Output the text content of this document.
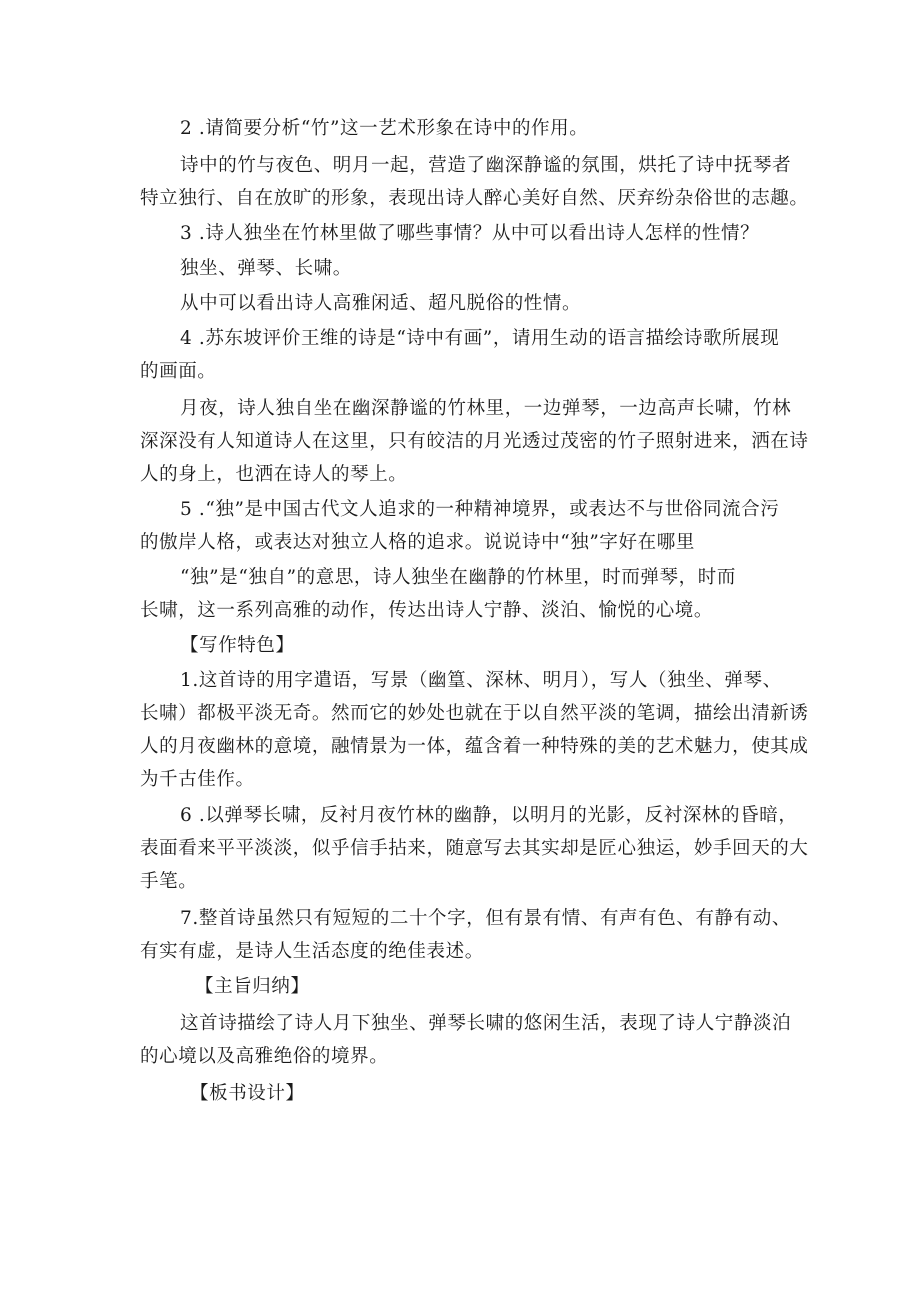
2 .请简要分析“竹”这一艺术形象在诗中的作用。
诗中的竹与夜色、明月一起，营造了幽深静谧的氛围，烘托了诗中抚琴者
特立独行、自在放旷的形象，表现出诗人醉心美好自然、厌弃纷杂俗世的志趣。
3 .诗人独坐在竹林里做了哪些事情？从中可以看出诗人怎样的性情？
独坐、弹琴、长啸。
从中可以看出诗人高雅闲适、超凡脱俗的性情。
4 .苏东坡评价王维的诗是“诗中有画”，请用生动的语言描绘诗歌所展现
的画面。
月夜，诗人独自坐在幽深静谧的竹林里，一边弹琴，一边高声长啸，竹林
深深没有人知道诗人在这里，只有皎洁的月光透过茂密的竹子照射进来，洒在诗
人的身上，也洒在诗人的琴上。
5 .“独”是中国古代文人追求的一种精神境界，或表达不与世俗同流合污
的傲岸人格，或表达对独立人格的追求。说说诗中“独”字好在哪里
“独”是“独自”的意思，诗人独坐在幽静的竹林里，时而弹琴，时而
长啸，这一系列高雅的动作，传达出诗人宁静、淡泊、愉悦的心境。
【写作特色】
1.这首诗的用字遣语，写景（幽篁、深林、明月），写人（独坐、弹琴、
长啸）都极平淡无奇。然而它的妙处也就在于以自然平淡的笔调，描绘出清新诱
人的月夜幽林的意境，融情景为一体，蕴含着一种特殊的美的艺术魅力，使其成
为千古佳作。
6 .以弹琴长啸，反衬月夜竹林的幽静，以明月的光影，反衬深林的昏暗，
表面看来平平淡淡，似乎信手拈来，随意写去其实却是匠心独运，妙手回天的大
手笔。
7.整首诗虽然只有短短的二十个字，但有景有情、有声有色、有静有动、
有实有虚，是诗人生活态度的绝佳表述。
【主旨归纳】
这首诗描绘了诗人月下独坐、弹琴长啸的悠闲生活，表现了诗人宁静淡泊
的心境以及高雅绝俗的境界。
【板书设计】
